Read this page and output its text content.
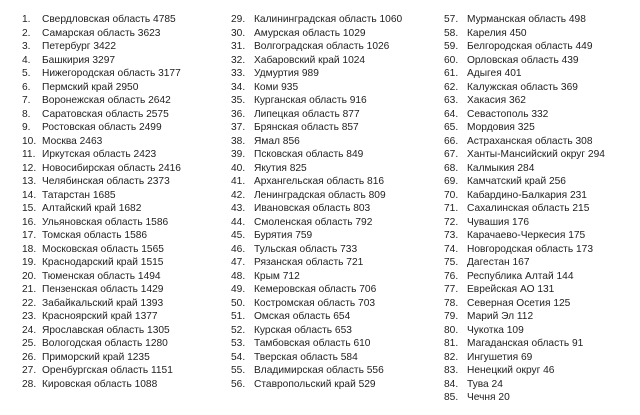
1. Свердловская область 4785
2. Самарская область 3623
3. Петербург 3422
4. Башкирия 3297
5. Нижегородская область 3177
6. Пермский край 2950
7. Воронежская область 2642
8. Саратовская область 2575
9. Ростовская область 2499
10. Москва 2463
11. Иркутская область 2423
12. Новосибирская область 2416
13. Челябинская область 2373
14. Татарстан 1685
15. Алтайский край 1682
16. Ульяновская область 1586
17. Томская область 1586
18. Московская область 1565
19. Краснодарский край 1515
20. Тюменская область 1494
21. Пензенская область 1429
22. Забайкальский край 1393
23. Красноярский край 1377
24. Ярославская область 1305
25. Вологодская область 1280
26. Приморский край 1235
27. Оренбургская область 1151
28. Кировская область 1088
29. Калининградская область 1060
30. Амурская область 1029
31. Волгоградская область 1026
32. Хабаровский край 1024
33. Удмуртия 989
34. Коми 935
35. Курганская область 916
36. Липецкая область 877
37. Брянская область 857
38. Ямал 856
39. Псковская область 849
40. Якутия 825
41. Архангельская область 816
42. Ленинградская область 809
43. Ивановская область 803
44. Смоленская область 792
45. Бурятия 759
46. Тульская область 733
47. Рязанская область 721
48. Крым 712
49. Кемеровская область 706
50. Костромская область 703
51. Омская область 654
52. Курская область 653
53. Тамбовская область 610
54. Тверская область 584
55. Владимирская область 556
56. Ставропольский край 529
57. Мурманская область 498
58. Карелия 450
59. Белгородская область 449
60. Орловская область 439
61. Адыгея 401
62. Калужская область 369
63. Хакасия 362
64. Севастополь 332
65. Мордовия 325
66. Астраханская область 308
67. Ханты-Мансийский округ 294
68. Калмыкия 284
69. Камчатский край 256
70. Кабардино-Балкария 231
71. Сахалинская область 215
72. Чувашия 176
73. Карачаево-Черкесия 175
74. Новгородская область 173
75. Дагестан 167
76. Республика Алтай 144
77. Еврейская АО 131
78. Северная Осетия 125
79. Марий Эл 112
80. Чукотка 109
81. Магаданская область 91
82. Ингушетия 69
83. Ненецкий округ 46
84. Тува 24
85. Чечня 20
